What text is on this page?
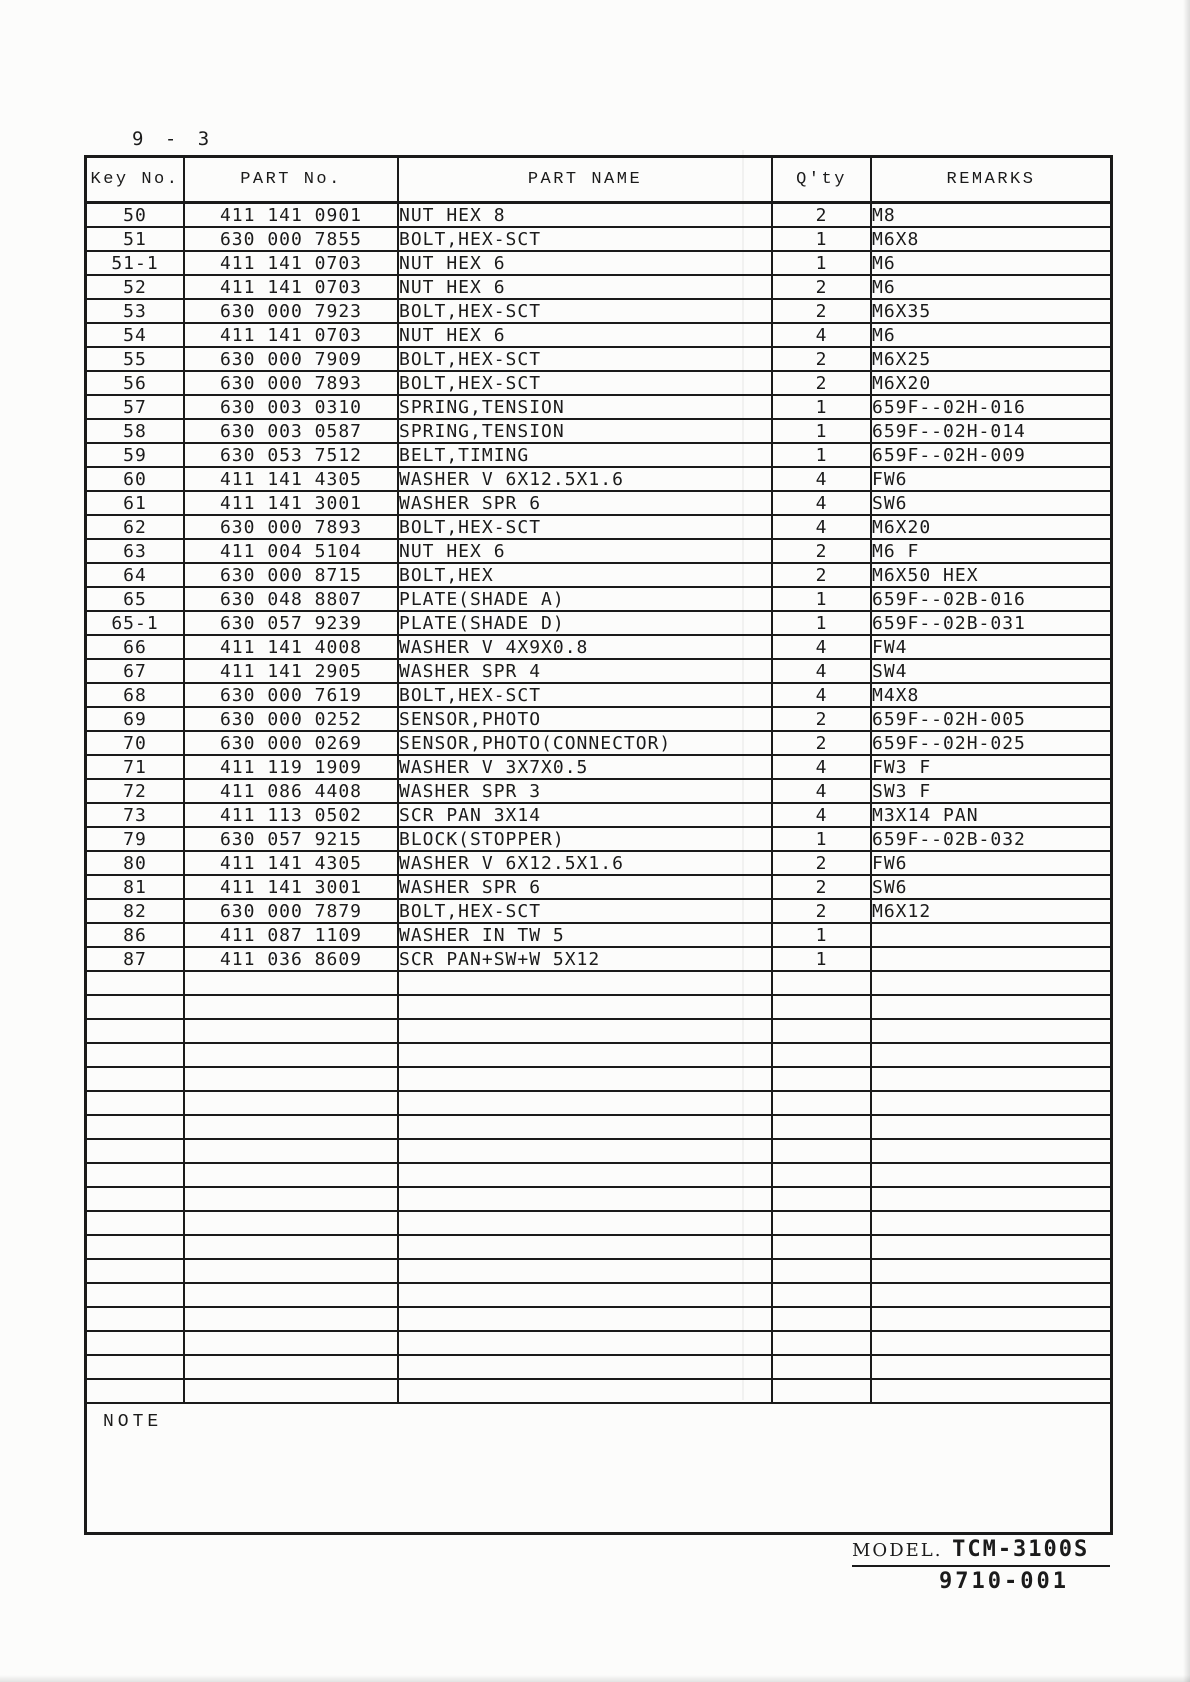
9 - 3
Key No.	PART No.	PART NAME	Q'ty	REMARKS
50	411 141 0901	NUT HEX 8	2	M8
51	630 000 7855	BOLT,HEX-SCT	1	M6X8
51-1	411 141 0703	NUT HEX 6	1	M6
52	411 141 0703	NUT HEX 6	2	M6
53	630 000 7923	BOLT,HEX-SCT	2	M6X35
54	411 141 0703	NUT HEX 6	4	M6
55	630 000 7909	BOLT,HEX-SCT	2	M6X25
56	630 000 7893	BOLT,HEX-SCT	2	M6X20
57	630 003 0310	SPRING,TENSION	1	659F--02H-016
58	630 003 0587	SPRING,TENSION	1	659F--02H-014
59	630 053 7512	BELT,TIMING	1	659F--02H-009
60	411 141 4305	WASHER V 6X12.5X1.6	4	FW6
61	411 141 3001	WASHER SPR 6	4	SW6
62	630 000 7893	BOLT,HEX-SCT	4	M6X20
63	411 004 5104	NUT HEX 6	2	M6 F
64	630 000 8715	BOLT,HEX	2	M6X50 HEX
65	630 048 8807	PLATE(SHADE A)	1	659F--02B-016
65-1	630 057 9239	PLATE(SHADE D)	1	659F--02B-031
66	411 141 4008	WASHER V 4X9X0.8	4	FW4
67	411 141 2905	WASHER SPR 4	4	SW4
68	630 000 7619	BOLT,HEX-SCT	4	M4X8
69	630 000 0252	SENSOR,PHOTO	2	659F--02H-005
70	630 000 0269	SENSOR,PHOTO(CONNECTOR)	2	659F--02H-025
71	411 119 1909	WASHER V 3X7X0.5	4	FW3 F
72	411 086 4408	WASHER SPR 3	4	SW3 F
73	411 113 0502	SCR PAN 3X14	4	M3X14 PAN
79	630 057 9215	BLOCK(STOPPER)	1	659F--02B-032
80	411 141 4305	WASHER V 6X12.5X1.6	2	FW6
81	411 141 3001	WASHER SPR 6	2	SW6
82	630 000 7879	BOLT,HEX-SCT	2	M6X12
86	411 087 1109	WASHER IN TW 5	1	
87	411 036 8609	SCR PAN+SW+W 5X12	1	

NOTE
MODEL. TCM-3100S
9710-001
